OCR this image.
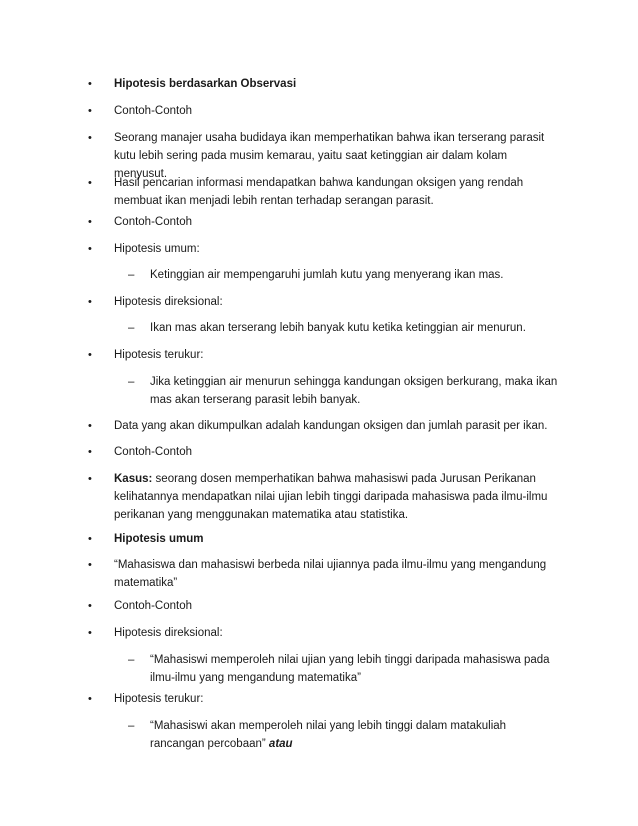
•	Hipotesis berdasarkan Observasi
•	Contoh-Contoh
•	Seorang manajer usaha budidaya ikan memperhatikan bahwa ikan terserang parasit kutu lebih sering pada musim kemarau, yaitu saat ketinggian air dalam kolam menyusut.
•	Hasil pencarian informasi mendapatkan bahwa kandungan oksigen yang rendah membuat ikan menjadi lebih rentan terhadap serangan parasit.
•	Contoh-Contoh
•	Hipotesis umum:
– Ketinggian air mempengaruhi jumlah kutu yang menyerang ikan mas.
•	Hipotesis direksional:
– Ikan mas akan terserang lebih banyak kutu ketika ketinggian air menurun.
•	Hipotesis terukur:
– Jika ketinggian air menurun sehingga kandungan oksigen berkurang, maka ikan mas akan terserang parasit lebih banyak.
•	Data yang akan dikumpulkan adalah kandungan oksigen dan jumlah parasit per ikan.
•	Contoh-Contoh
•	Kasus: seorang dosen memperhatikan bahwa mahasiswi pada Jurusan Perikanan kelihatannya mendapatkan nilai ujian lebih tinggi daripada mahasiswa pada ilmu-ilmu perikanan yang menggunakan matematika atau statistika.
•	Hipotesis umum
•	“Mahasiswa dan mahasiswi berbeda nilai ujiannya pada ilmu-ilmu yang mengandung matematika”
•	Contoh-Contoh
•	Hipotesis direksional:
– “Mahasiswi memperoleh nilai ujian yang lebih tinggi daripada mahasiswa pada ilmu-ilmu yang mengandung matematika”
•	Hipotesis terukur:
– “Mahasiswi akan memperoleh nilai yang lebih tinggi dalam matakuliah rancangan percobaan” atau
